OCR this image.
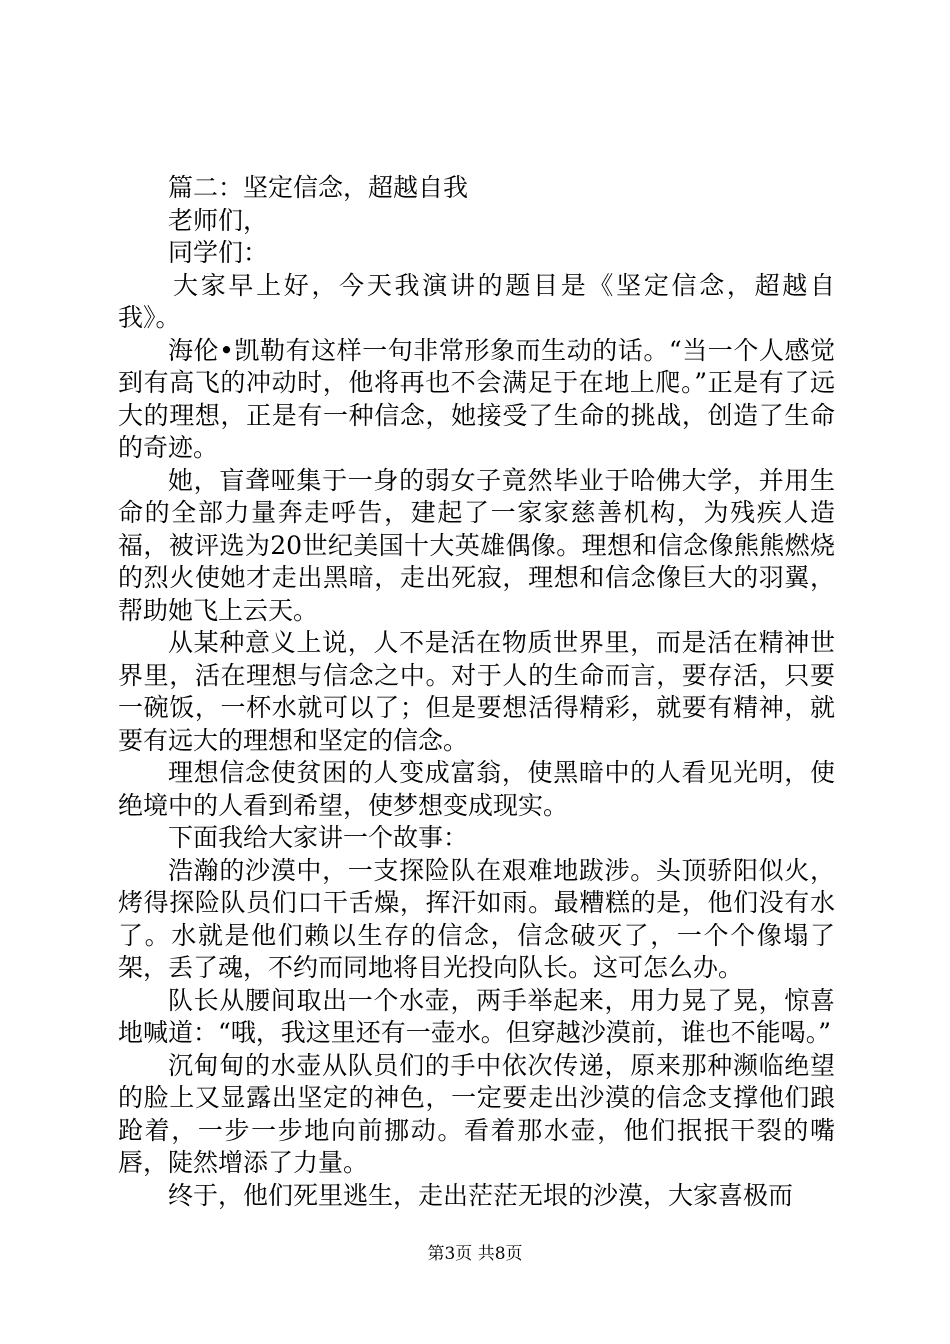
篇二：坚定信念，超越自我

老师们，

同学们：

大家早上好，今天我演讲的题目是《坚定信念，超越自我》。

海伦•凯勒有这样一句非常形象而生动的话。“当一个人感觉到有高飞的冲动时，他将再也不会满足于在地上爬。”正是有了远大的理想，正是有一种信念，她接受了生命的挑战，创造了生命的奇迹。

她，盲聋哑集于一身的弱女子竟然毕业于哈佛大学，并用生命的全部力量奔走呼告，建起了一家家慈善机构，为残疾人造福，被评选为20世纪美国十大英雄偶像。理想和信念像熊熊燃烧的烈火使她才走出黑暗，走出死寂，理想和信念像巨大的羽翼，帮助她飞上云天。

从某种意义上说，人不是活在物质世界里，而是活在精神世界里，活在理想与信念之中。对于人的生命而言，要存活，只要一碗饭，一杯水就可以了；但是要想活得精彩，就要有精神，就要有远大的理想和坚定的信念。

理想信念使贫困的人变成富翁，使黑暗中的人看见光明，使绝境中的人看到希望，使梦想变成现实。

下面我给大家讲一个故事：

浩瀚的沙漠中，一支探险队在艰难地跋涉。头顶骄阳似火，烤得探险队员们口干舌燥，挥汗如雨。最糟糕的是，他们没有水了。水就是他们赖以生存的信念，信念破灭了，一个个像塌了架，丢了魂，不约而同地将目光投向队长。这可怎么办。

队长从腰间取出一个水壶，两手举起来，用力晃了晃，惊喜地喊道：“哦，我这里还有一壶水。但穿越沙漠前，谁也不能喝。”

沉甸甸的水壶从队员们的手中依次传递，原来那种濒临绝望的脸上又显露出坚定的神色，一定要走出沙漠的信念支撑他们踉跄着，一步一步地向前挪动。看着那水壶，他们抿抿干裂的嘴唇，陡然增添了力量。

终于，他们死里逃生，走出茫茫无垠的沙漠，大家喜极而

第3页 共8页
